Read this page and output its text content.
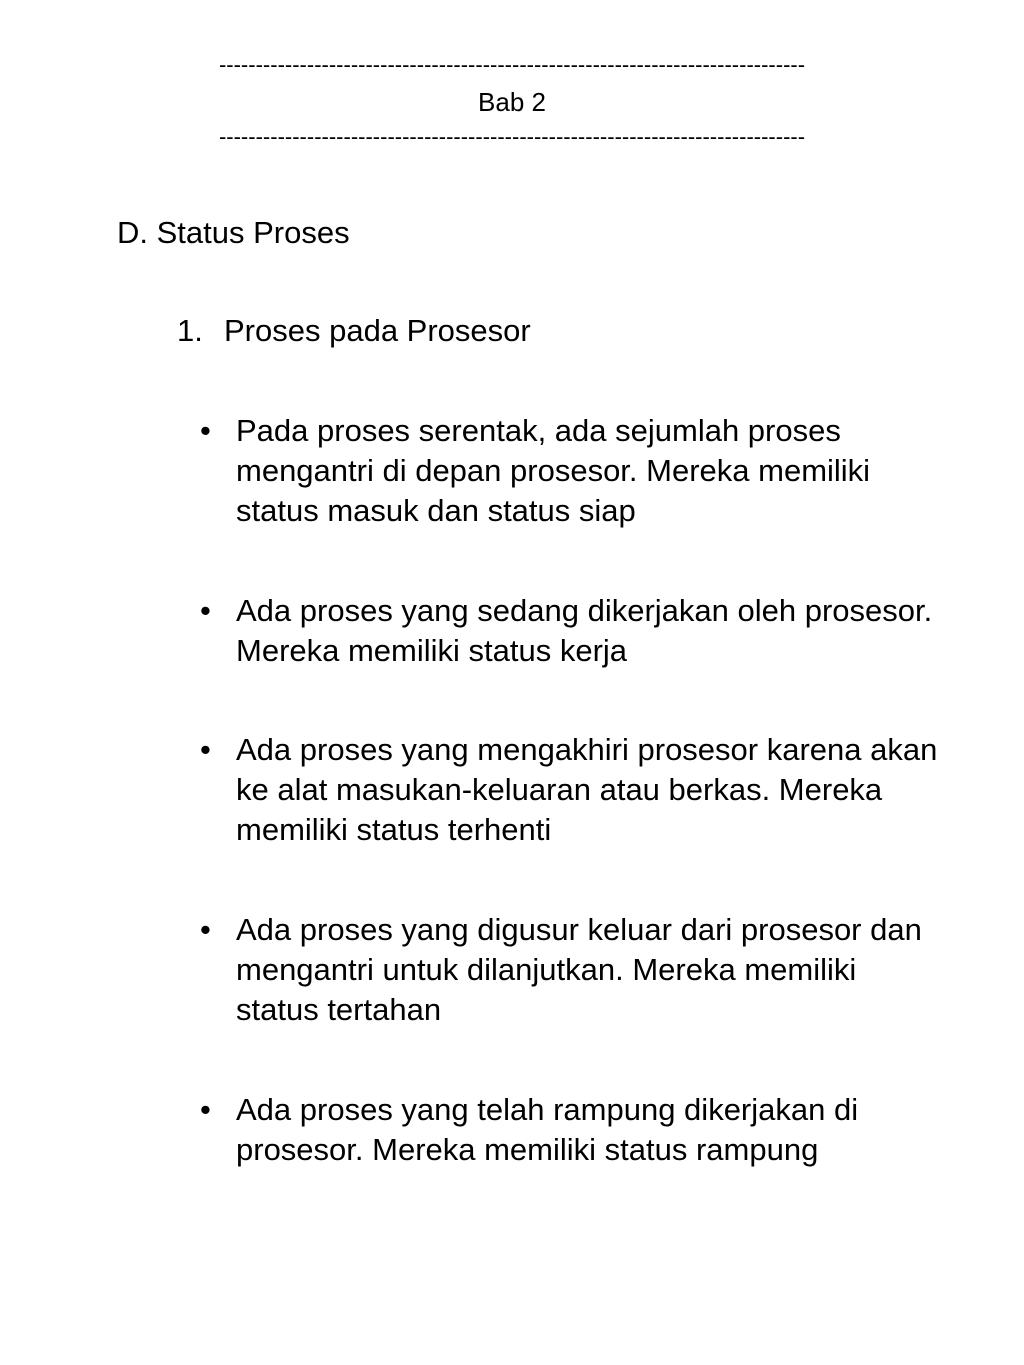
--------------------------------------------------------------------------------
Bab 2
--------------------------------------------------------------------------------
D. Status Proses
1. Proses pada Prosesor
• Pada proses serentak, ada sejumlah proses mengantri di depan prosesor. Mereka memiliki status masuk dan status siap
• Ada proses yang sedang dikerjakan oleh prosesor. Mereka memiliki status kerja
• Ada proses yang mengakhiri prosesor karena akan ke alat masukan-keluaran atau berkas. Mereka memiliki status terhenti
• Ada proses yang digusur keluar dari prosesor dan mengantri untuk dilanjutkan. Mereka memiliki status tertahan
• Ada proses yang telah rampung dikerjakan di prosesor. Mereka memiliki status rampung
